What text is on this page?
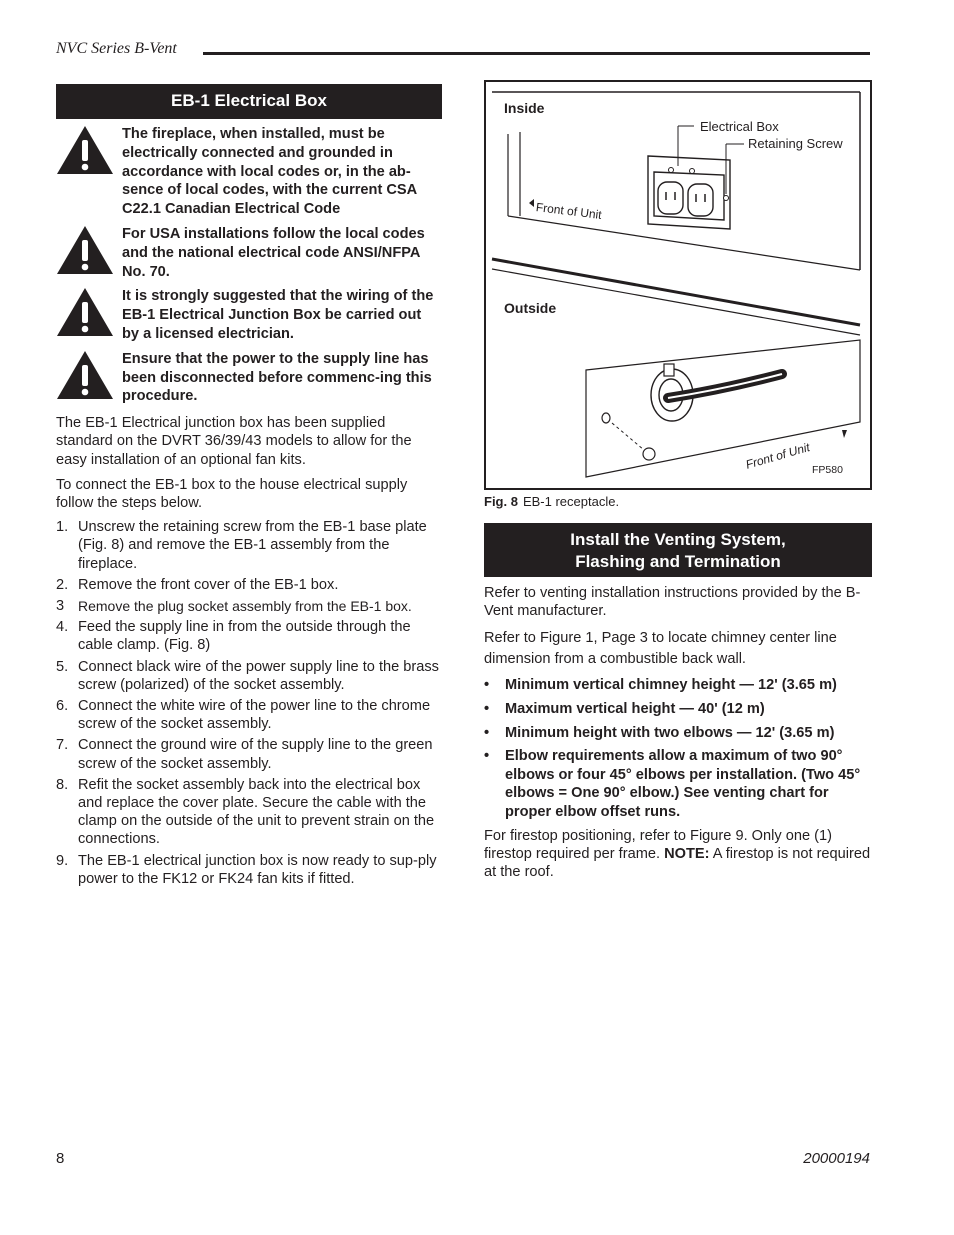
NVC Series B-Vent
EB-1 Electrical Box
The fireplace, when installed, must be electrically connected and grounded in accordance with local codes or, in the ab-sence of local codes, with the current CSA C22.1 Canadian Electrical Code
For USA installations follow the local codes and the national electrical code ANSI/NFPA No. 70.
It is strongly suggested that the wiring of the EB-1 Electrical Junction Box be carried out by a licensed electrician.
Ensure that the power to the supply line has been disconnected before commenc-ing this procedure.

The EB-1 Electrical junction box has been supplied standard on the DVRT 36/39/43 models to allow for the easy installation of an optional fan kits.

To connect the EB-1 box to the house electrical supply follow the steps below.

1. Unscrew the retaining screw from the EB-1 base plate (Fig. 8) and remove the EB-1 assembly from the fireplace.
2. Remove the front cover of the EB-1 box.
3 Remove the plug socket assembly from the EB-1 box.
4. Feed the supply line in from the outside through the cable clamp. (Fig. 8)
5. Connect black wire of the power supply line to the brass screw (polarized) of the socket assembly.
6. Connect the white wire of the power line to the chrome screw of the socket assembly.
7. Connect the ground wire of the supply line to the green screw of the socket assembly.
8. Refit the socket assembly back into the electrical box and replace the cover plate. Secure the cable with the clamp on the outside of the unit to prevent strain on the connections.
9. The EB-1 electrical junction box is now ready to sup-ply power to the FK12 or FK24 fan kits if fitted.
Inside
Outside
Electrical Box
Retaining Screw
Front of Unit
Front of Unit FP580
Fig. 8 EB-1 receptacle.
Install the Venting System,
Flashing and Termination

Refer to venting installation instructions provided by the B-Vent manufacturer.

Refer to Figure 1, Page 3 to locate chimney center line dimension from a combustible back wall.

•	Minimum vertical chimney height — 12' (3.65 m)
•	Maximum vertical height — 40' (12 m)
•	Minimum height with two elbows — 12' (3.65 m)
•	Elbow requirements allow a maximum of two 90° elbows or four 45° elbows per installation. (Two 45° elbows = One 90° elbow.) See venting chart for proper elbow offset runs.

For firestop positioning, refer to Figure 9. Only one (1) firestop required per frame. NOTE: A firestop is not required at the roof.

8	20000194
